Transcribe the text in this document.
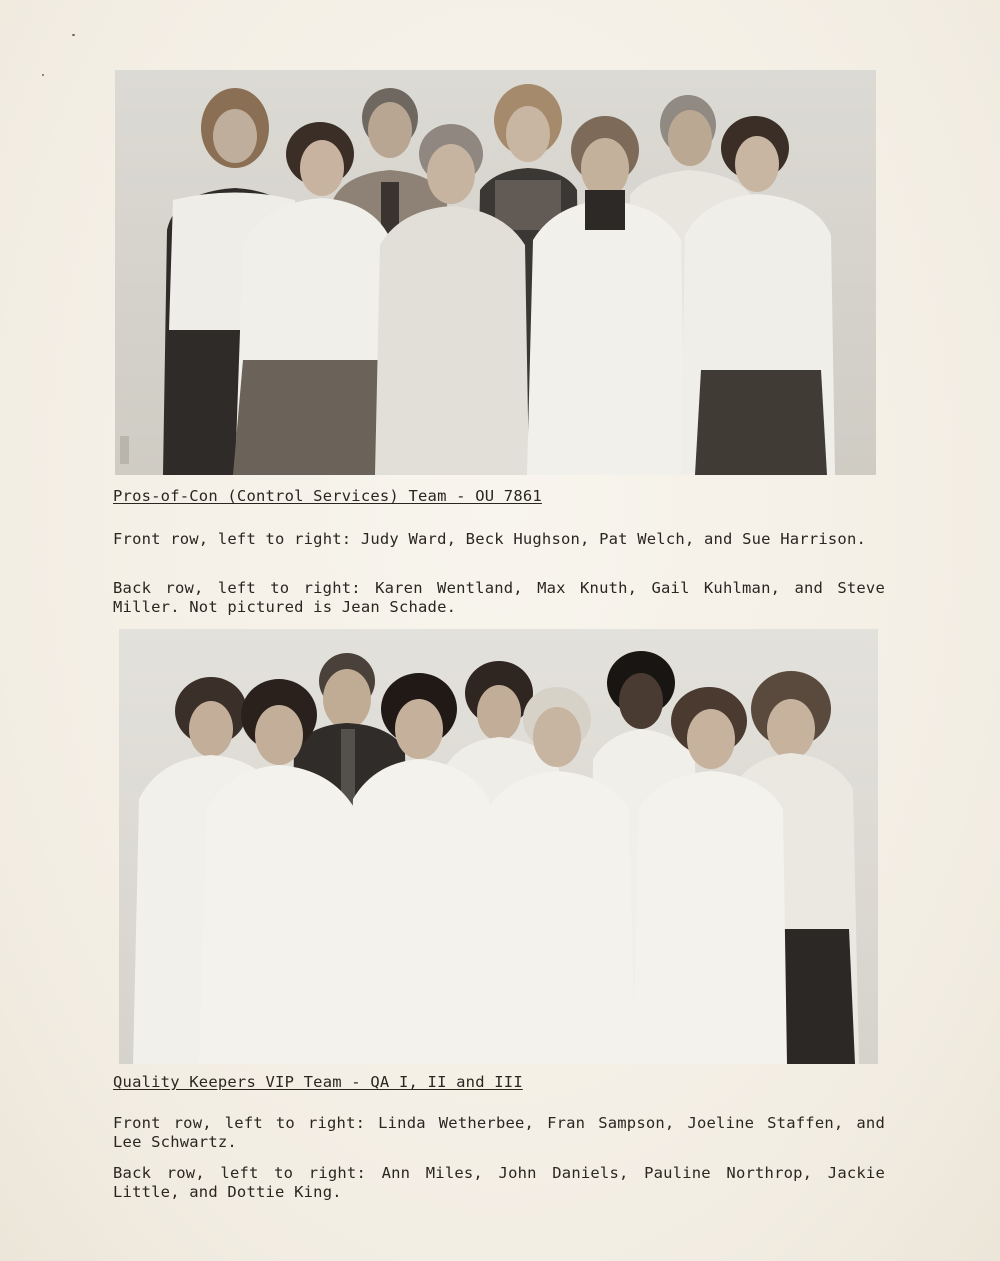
Pros-of-Con (Control Services) Team - OU 7861
Front row, left to right: Judy Ward, Beck Hughson, Pat Welch, and Sue Harrison.
Back row, left to right: Karen Wentland, Max Knuth, Gail Kuhlman, and Steve Miller. Not pictured is Jean Schade.
Quality Keepers VIP Team - QA I, II and III
Front row, left to right: Linda Wetherbee, Fran Sampson, Joeline Staffen, and Lee Schwartz.
Back row, left to right: Ann Miles, John Daniels, Pauline Northrop, Jackie Little, and Dottie King.
